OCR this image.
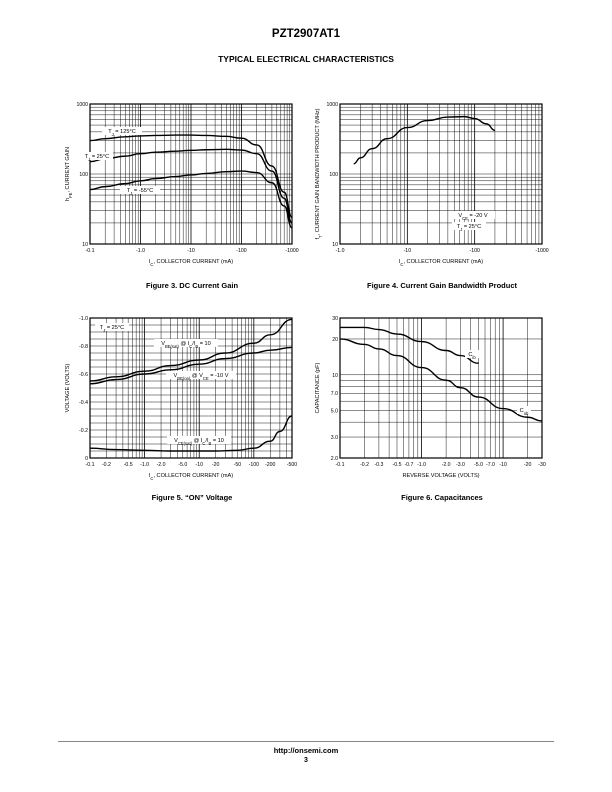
PZT2907AT1
TYPICAL ELECTRICAL CHARACTERISTICS
-0.1	-1.0	-10	-100	-1000
10
100
1000
$I_C$, COLLECTOR CURRENT (mA)
$h_{FE}$, CURRENT GAIN
$T_J = 125^\circ C$
$T_J = 25^\circ C$
$T_J = -55^\circ C$
-1.0	-10	-100	-1000
10
100
1000
$I_C$, COLLECTOR CURRENT (mA)
$f_T$, CURRENT GAIN BANDWIDTH PRODUCT (MHz)	$V_{CE} = -20$ V
$T_J = 25^\circ C$
-0.1 -0.2 -0.5 -1.0 -2.0 -5.0 -10 -20	-50 -100 -200 -500
0
-0.2
-0.4
-0.6
-0.8
-1.0
$I_C$, COLLECTOR CURRENT (mA)
VOLTAGE (VOLTS)
$T_J = 25^\circ C$
$V_{BE(sat)}$ @ $I_C/I_B = 10$
$V_{BE(on)}$ @ $V_{CE} = -10$ V
$V_{CE(sat)}$ @ $I_C/I_B = 10$
-0.1	-0.2 -0.3 -0.5 -0.7 -1.0	-2.0 -3.0 -5.0 -7.0 -10	-20 -30
2.0
3.0
5.0
7.0
10
20
30
REVERSE VOLTAGE (VOLTS)
CAPACITANCE (pF)
$C_{ib}$
$C_{ob}$
Figure 3. DC Current Gain	Figure 4. Current Gain Bandwidth Product
Figure 5. “ON” Voltage	Figure 6. Capacitances
http://onsemi.com
3
